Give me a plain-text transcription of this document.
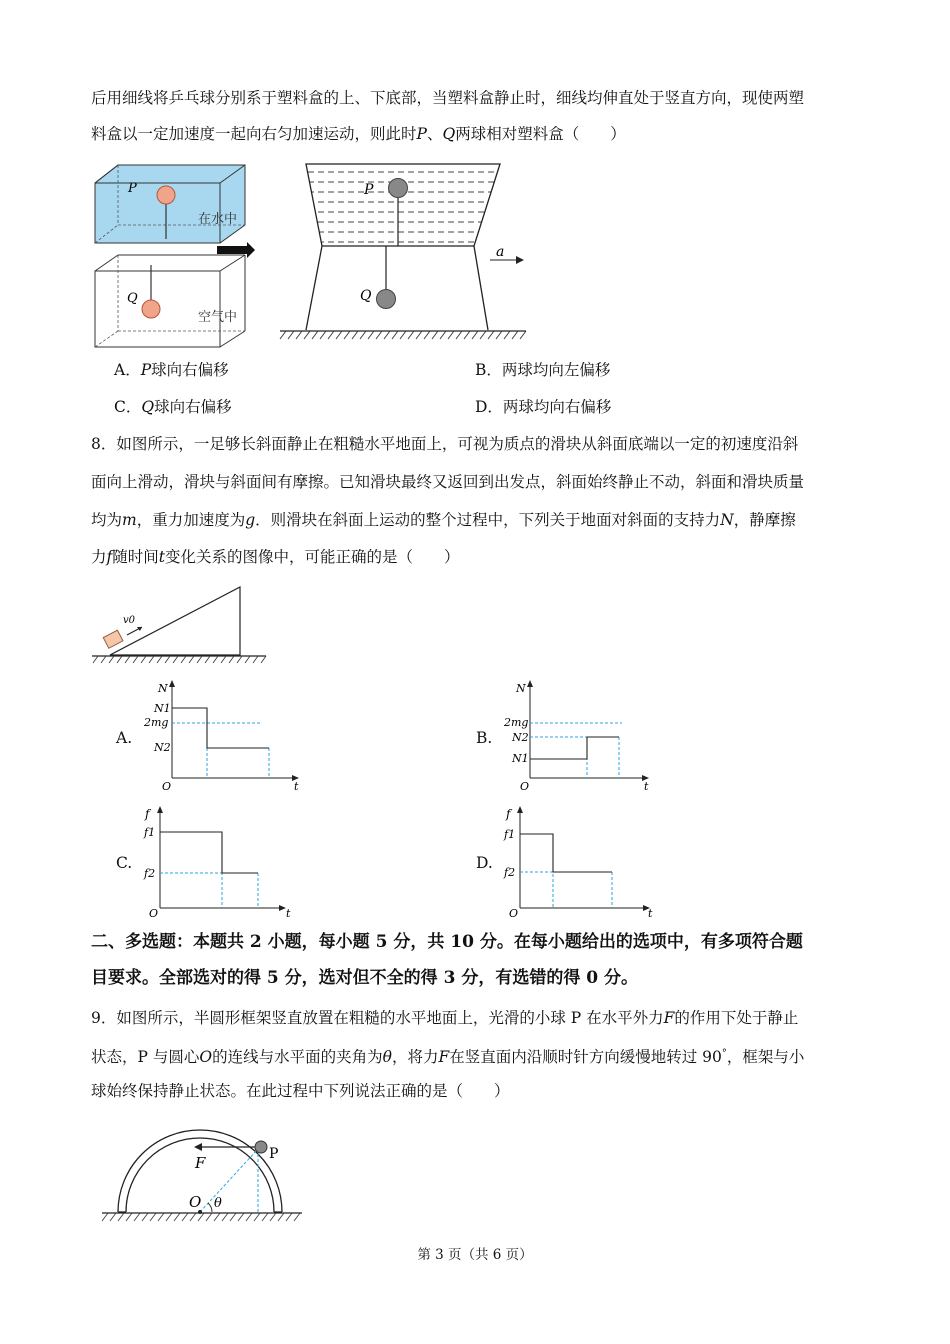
后用细线将乒乓球分别系于塑料盒的上、下底部，当塑料盒静止时，细线均伸直处于竖直方向，现使两塑
料盒以一定加速度一起向右匀加速运动，则此时P、Q两球相对塑料盒（　　）
P
在水中
Q
空气中
P
Q
a
A．P球向右偏移	B．两球均向左偏移
C．Q球向右偏移	D．两球均向右偏移
8．如图所示，一足够长斜面静止在粗糙水平地面上，可视为质点的滑块从斜面底端以一定的初速度沿斜
面向上滑动，滑块与斜面间有摩擦。已知滑块最终又返回到出发点，斜面始终静止不动，斜面和滑块质量
均为m，重力加速度为g．则滑块在斜面上运动的整个过程中，下列关于地面对斜面的支持力N，静摩擦
力f随时间t变化关系的图像中，可能正确的是（　　）
v0
A.
N
N1
2mg
N2
O	t
B.
N
2mg
N2
N1
O	t
C.
f
f1
f2
O	t
D.
f
f1
f2
O	t
二、多选题：本题共 2 小题，每小题 5 分，共 10 分。在每小题给出的选项中，有多项符合题
目要求。全部选对的得 5 分，选对但不全的得 3 分，有选错的得 0 分。
9．如图所示，半圆形框架竖直放置在粗糙的水平地面上，光滑的小球 P 在水平外力F的作用下处于静止
状态，P 与圆心O的连线与水平面的夹角为θ，将力F在竖直面内沿顺时针方向缓慢地转过 90°，框架与小
球始终保持静止状态。在此过程中下列说法正确的是（　　）
F	P
O θ
第 3 页（共 6 页）
